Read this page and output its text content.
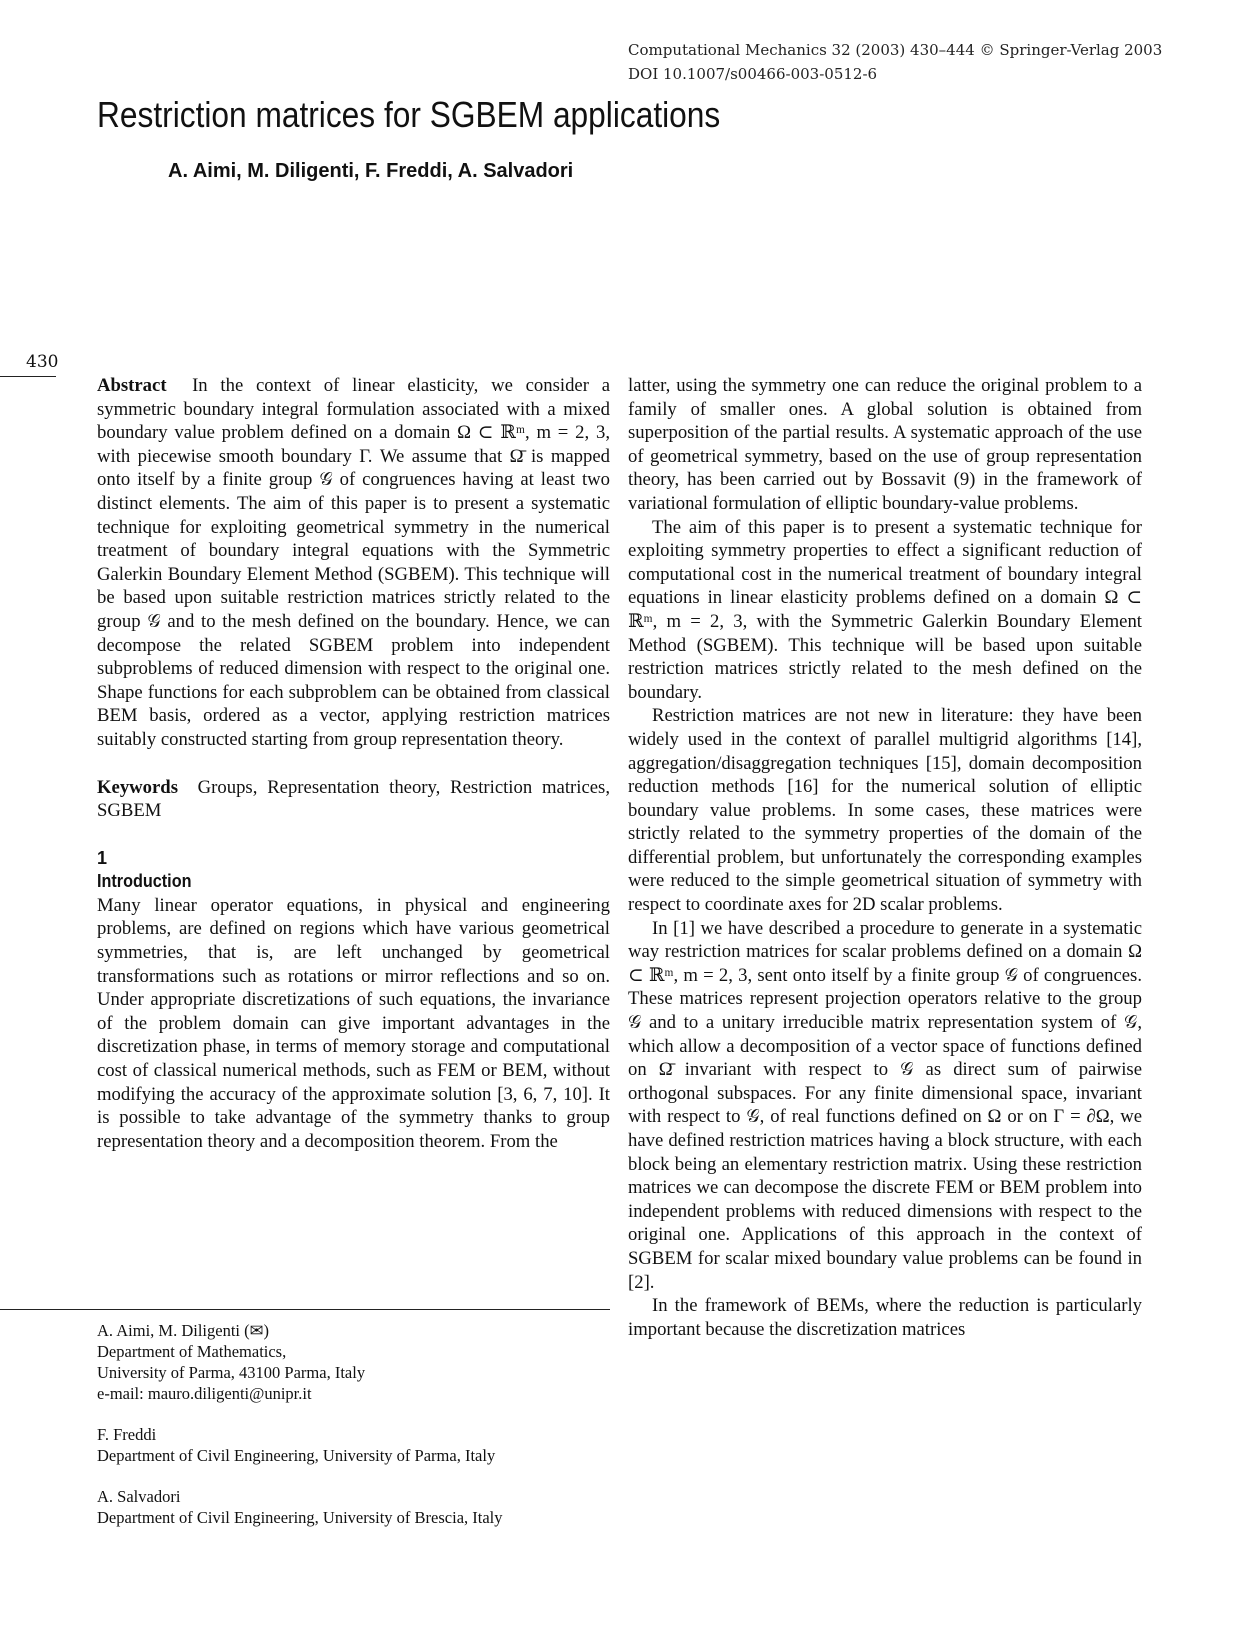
Computational Mechanics 32 (2003) 430–444 © Springer-Verlag 2003
DOI 10.1007/s00466-003-0512-6
Restriction matrices for SGBEM applications
A. Aimi, M. Diligenti, F. Freddi, A. Salvadori
430

Abstract In the context of linear elasticity, we consider a symmetric boundary integral formulation associated with a mixed boundary value problem defined on a domain Ω ⊂ ℝᵐ, m = 2, 3, with piecewise smooth boundary Γ. We assume that Ω̄ is mapped onto itself by a finite group 𝒢 of congruences having at least two distinct elements. The aim of this paper is to present a systematic technique for exploiting geometrical symmetry in the numerical treatment of boundary integral equations with the Symmetric Galerkin Boundary Element Method (SGBEM). This technique will be based upon suitable restriction matrices strictly related to the group 𝒢 and to the mesh defined on the boundary. Hence, we can decompose the related SGBEM problem into independent subproblems of reduced dimension with respect to the original one. Shape functions for each subproblem can be obtained from classical BEM basis, ordered as a vector, applying restriction matrices suitably constructed starting from group representation theory.

Keywords Groups, Representation theory, Restriction matrices, SGBEM

1
Introduction

Many linear operator equations, in physical and engineering problems, are defined on regions which have various geometrical symmetries, that is, are left unchanged by geometrical transformations such as rotations or mirror reflections and so on. Under appropriate discretizations of such equations, the invariance of the problem domain can give important advantages in the discretization phase, in terms of memory storage and computational cost of classical numerical methods, such as FEM or BEM, without modifying the accuracy of the approximate solution [3, 6, 7, 10]. It is possible to take advantage of the symmetry thanks to group representation theory and a decomposition theorem. From the

A. Aimi, M. Diligenti (✉)
Department of Mathematics,
University of Parma, 43100 Parma, Italy
e-mail: mauro.diligenti@unipr.it
F. Freddi
Department of Civil Engineering, University of Parma, Italy
A. Salvadori
Department of Civil Engineering, University of Brescia, Italy

latter, using the symmetry one can reduce the original problem to a family of smaller ones. A global solution is obtained from superposition of the partial results. A systematic approach of the use of geometrical symmetry, based on the use of group representation theory, has been carried out by Bossavit (9) in the framework of variational formulation of elliptic boundary-value problems.

The aim of this paper is to present a systematic technique for exploiting symmetry properties to effect a significant reduction of computational cost in the numerical treatment of boundary integral equations in linear elasticity problems defined on a domain Ω ⊂ ℝᵐ, m = 2, 3, with the Symmetric Galerkin Boundary Element Method (SGBEM). This technique will be based upon suitable restriction matrices strictly related to the mesh defined on the boundary.

Restriction matrices are not new in literature: they have been widely used in the context of parallel multigrid algorithms [14], aggregation/disaggregation techniques [15], domain decomposition reduction methods [16] for the numerical solution of elliptic boundary value problems. In some cases, these matrices were strictly related to the symmetry properties of the domain of the differential problem, but unfortunately the corresponding examples were reduced to the simple geometrical situation of symmetry with respect to coordinate axes for 2D scalar problems.

In [1] we have described a procedure to generate in a systematic way restriction matrices for scalar problems defined on a domain Ω ⊂ ℝᵐ, m = 2, 3, sent onto itself by a finite group 𝒢 of congruences. These matrices represent projection operators relative to the group 𝒢 and to a unitary irreducible matrix representation system of 𝒢, which allow a decomposition of a vector space of functions defined on Ω̄ invariant with respect to 𝒢 as direct sum of pairwise orthogonal subspaces. For any finite dimensional space, invariant with respect to 𝒢, of real functions defined on Ω or on Γ = ∂Ω, we have defined restriction matrices having a block structure, with each block being an elementary restriction matrix. Using these restriction matrices we can decompose the discrete FEM or BEM problem into independent problems with reduced dimensions with respect to the original one. Applications of this approach in the context of SGBEM for scalar mixed boundary value problems can be found in [2].

In the framework of BEMs, where the reduction is particularly important because the discretization matrices
